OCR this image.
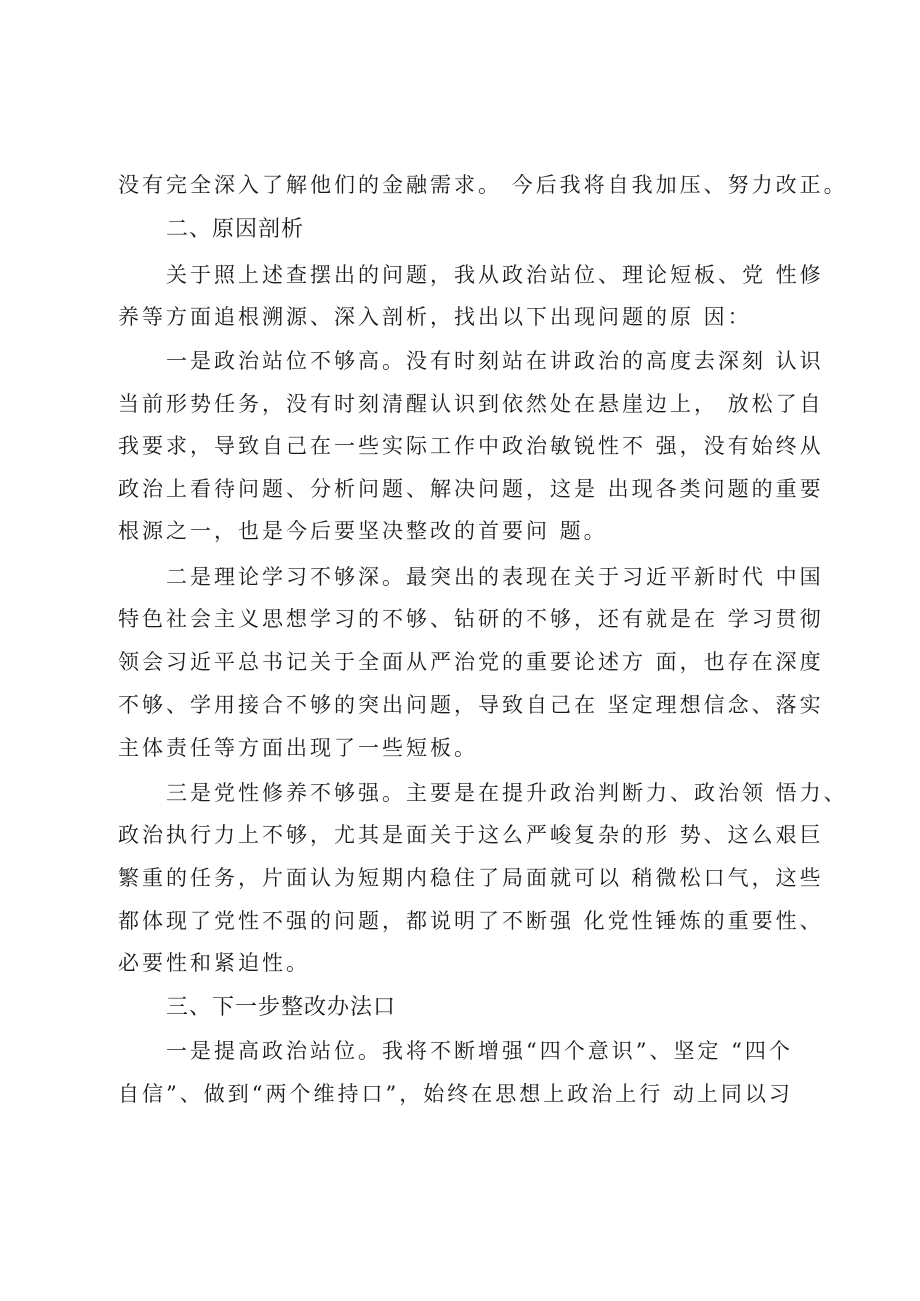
没有完全深入了解他们的金融需求。 今后我将自我加压、努力改正。
二、原因剖析
关于照上述查摆出的问题，我从政治站位、理论短板、党 性修
养等方面追根溯源、深入剖析，找出以下出现问题的原 因：
一是政治站位不够高。没有时刻站在讲政治的高度去深刻 认识
当前形势任务，没有时刻清醒认识到依然处在悬崖边上， 放松了自
我要求，导致自己在一些实际工作中政治敏锐性不 强，没有始终从
政治上看待问题、分析问题、解决问题，这是 出现各类问题的重要
根源之一，也是今后要坚决整改的首要问 题。
二是理论学习不够深。最突出的表现在关于习近平新时代 中国
特色社会主义思想学习的不够、钻研的不够，还有就是在 学习贯彻
领会习近平总书记关于全面从严治党的重要论述方 面，也存在深度
不够、学用接合不够的突出问题，导致自己在 坚定理想信念、落实
主体责任等方面出现了一些短板。
三是党性修养不够强。主要是在提升政治判断力、政治领 悟力、
政治执行力上不够，尤其是面关于这么严峻复杂的形 势、这么艰巨
繁重的任务，片面认为短期内稳住了局面就可以 稍微松口气，这些
都体现了党性不强的问题，都说明了不断强 化党性锤炼的重要性、
必要性和紧迫性。
三、下一步整改办法口
一是提高政治站位。我将不断增强“四个意识”、坚定 “四个
自信”、做到“两个维持口”，始终在思想上政治上行 动上同以习
